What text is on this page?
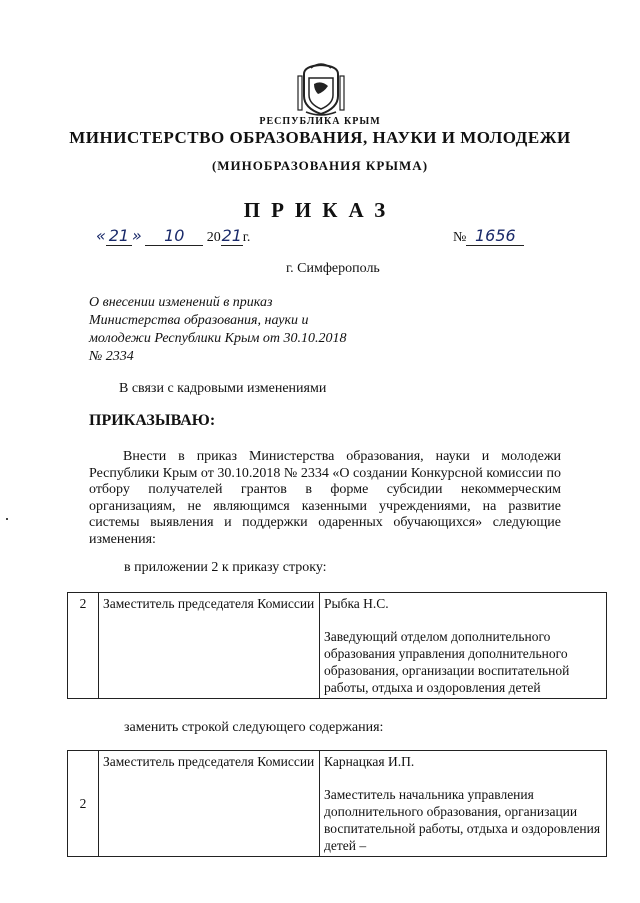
РЕСПУБЛИКА КРЫМ
МИНИСТЕРСТВО ОБРАЗОВАНИЯ, НАУКИ И МОЛОДЕЖИ
(МИНОБРАЗОВАНИЯ КРЫМА)
ПРИКАЗ
« 21 » 10 2021г.	№ 1656
г. Симферополь
О внесении изменений в приказ Министерства образования, науки и молодежи Республики Крым от 30.10.2018 № 2334
В связи с кадровыми изменениями
ПРИКАЗЫВАЮ:
Внести в приказ Министерства образования, науки и молодежи Республики Крым от 30.10.2018 № 2334 «О создании Конкурсной комиссии по отбору получателей грантов в форме субсидии некоммерческим организациям, не являющимся казенными учреждениями, на развитие системы выявления и поддержки одаренных обучающихся» следующие изменения:
в приложении 2 к приказу строку:
2	Заместитель председателя Комиссии	Рыбка Н.С.
Заведующий отделом дополнительного образования управления дополнительного образования, организации воспитательной работы, отдыха и оздоровления детей
заменить строкой следующего содержания:
2	Заместитель председателя Комиссии	Карнацкая И.П.
Заместитель начальника управления дополнительного образования, организации воспитательной работы, отдыха и оздоровления детей –
